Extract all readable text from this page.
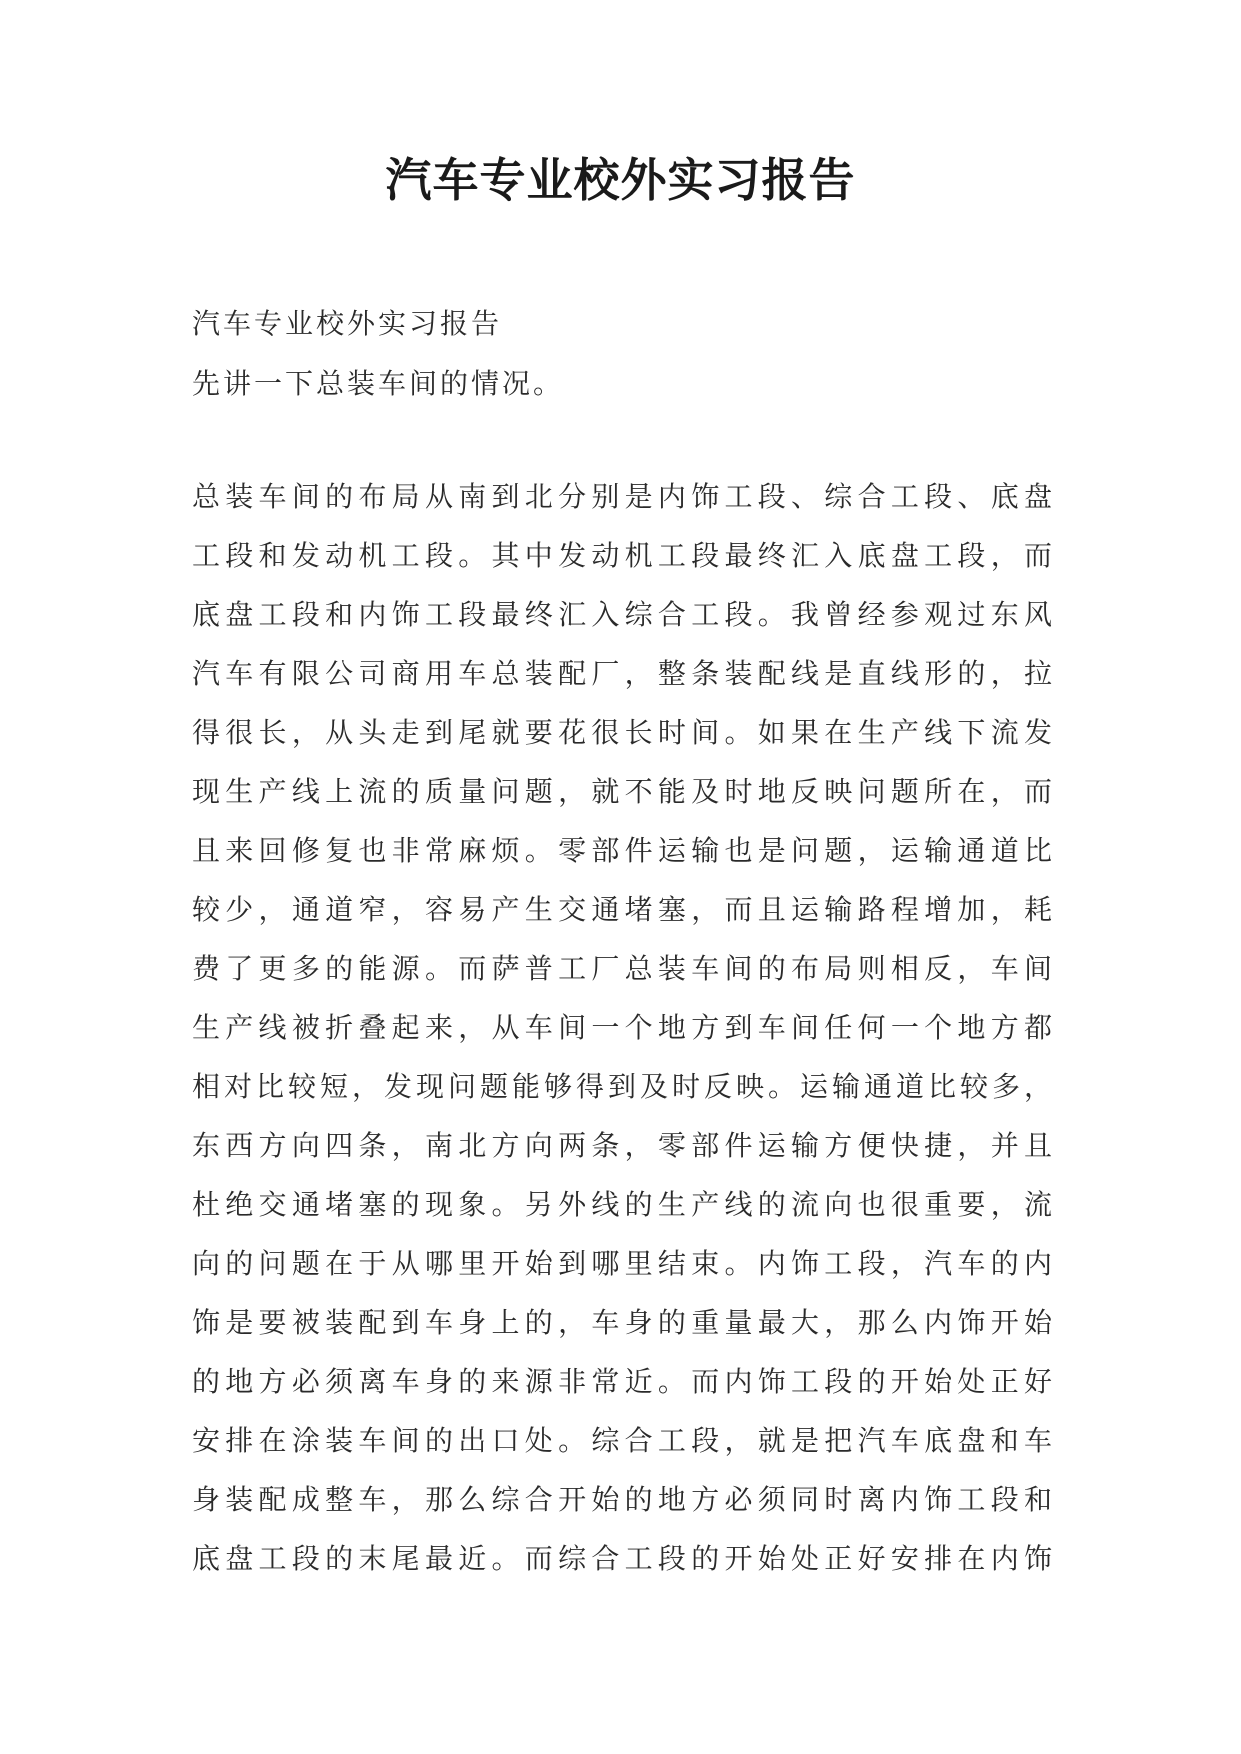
汽车专业校外实习报告

汽车专业校外实习报告

先讲一下总装车间的情况。

总装车间的布局从南到北分别是内饰工段、综合工段、底盘
工段和发动机工段。其中发动机工段最终汇入底盘工段，而
底盘工段和内饰工段最终汇入综合工段。我曾经参观过东风
汽车有限公司商用车总装配厂，整条装配线是直线形的，拉
得很长，从头走到尾就要花很长时间。如果在生产线下流发
现生产线上流的质量问题，就不能及时地反映问题所在，而
且来回修复也非常麻烦。零部件运输也是问题，运输通道比
较少，通道窄，容易产生交通堵塞，而且运输路程增加，耗
费了更多的能源。而萨普工厂总装车间的布局则相反，车间
生产线被折叠起来，从车间一个地方到车间任何一个地方都
相对比较短，发现问题能够得到及时反映。运输通道比较多，
东西方向四条，南北方向两条，零部件运输方便快捷，并且
杜绝交通堵塞的现象。另外线的生产线的流向也很重要，流
向的问题在于从哪里开始到哪里结束。内饰工段，汽车的内
饰是要被装配到车身上的，车身的重量最大，那么内饰开始
的地方必须离车身的来源非常近。而内饰工段的开始处正好
安排在涂装车间的出口处。综合工段，就是把汽车底盘和车
身装配成整车，那么综合开始的地方必须同时离内饰工段和
底盘工段的末尾最近。而综合工段的开始处正好安排在内饰
